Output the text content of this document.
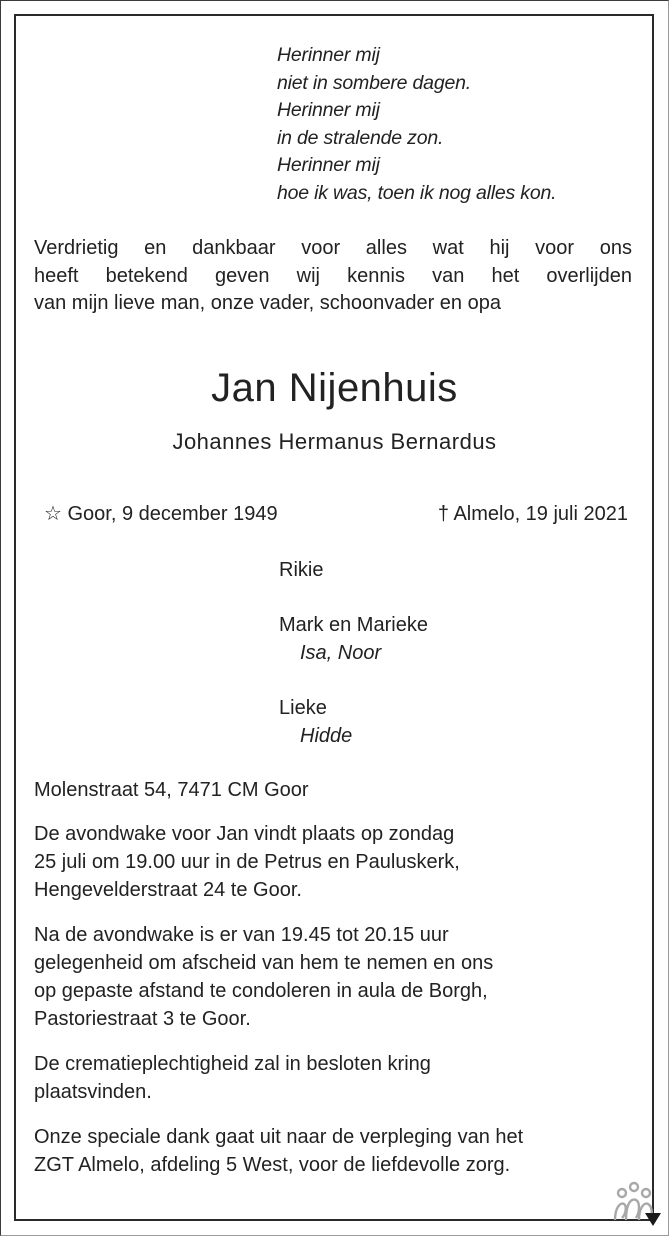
Herinner mij
niet in sombere dagen.
Herinner mij
in de stralende zon.
Herinner mij
hoe ik was, toen ik nog alles kon.
Verdrietig en dankbaar voor alles wat hij voor ons
heeft betekend geven wij kennis van het overlijden
van mijn lieve man, onze vader, schoonvader en opa
Jan Nijenhuis
Johannes Hermanus Bernardus
☆ Goor, 9 december 1949	† Almelo, 19 juli 2021
Rikie
Mark en Marieke
Isa, Noor
Lieke
Hidde

Molenstraat 54, 7471 CM Goor

De avondwake voor Jan vindt plaats op zondag
25 juli om 19.00 uur in de Petrus en Pauluskerk,
Hengevelderstraat 24 te Goor.

Na de avondwake is er van 19.45 tot 20.15 uur
gelegenheid om afscheid van hem te nemen en ons
op gepaste afstand te condoleren in aula de Borgh,
Pastoriestraat 3 te Goor.

De crematieplechtigheid zal in besloten kring
plaatsvinden.

Onze speciale dank gaat uit naar de verpleging van het
ZGT Almelo, afdeling 5 West, voor de liefdevolle zorg.
